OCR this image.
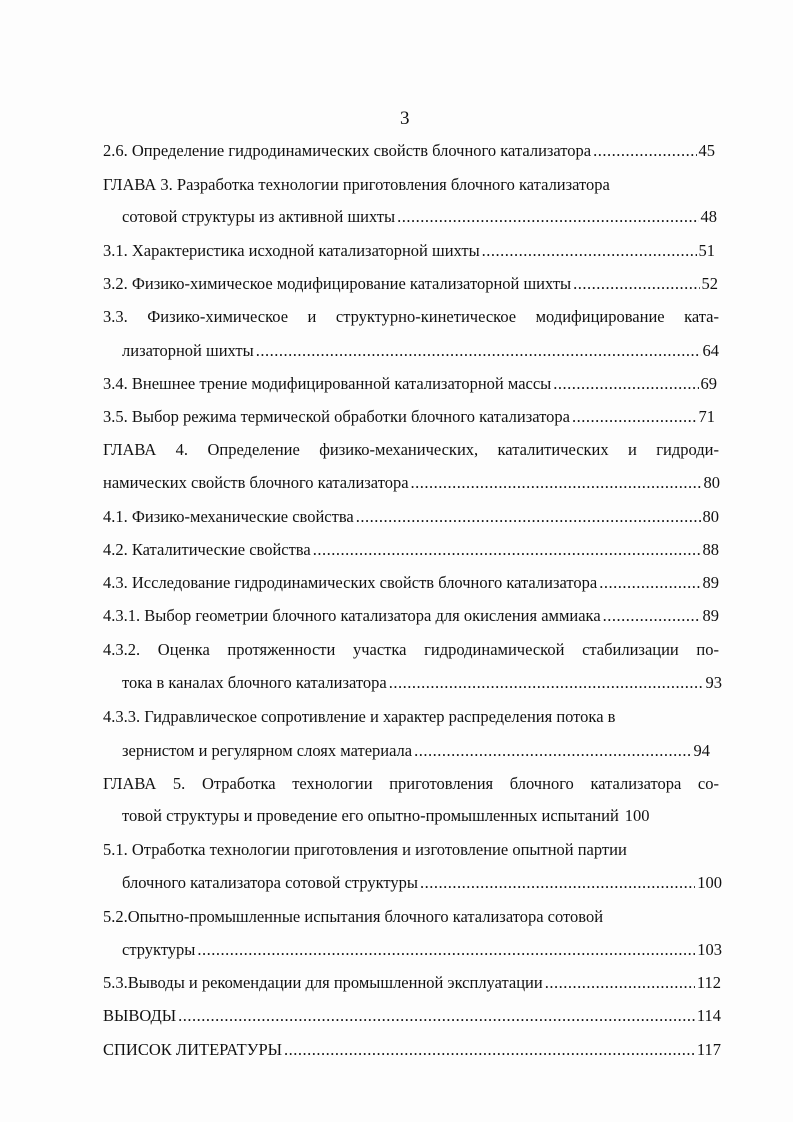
3
2.6. Определение гидродинамических свойств блочного катализатора .....	45
ГЛАВА 3. Разработка технологии приготовления блочного катализатора
сотовой структуры из активной шихты .....	48
3.1. Характеристика исходной катализаторной шихты .....	51
3.2. Физико-химическое модифицирование катализаторной шихты .....	52
3.3. Физико-химическое и структурно-кинетическое модифицирование ката-
лизаторной шихты .....	64
3.4. Внешнее трение модифицированной катализаторной массы .....	69
3.5. Выбор режима термической обработки блочного катализатора .....	71
ГЛАВА 4. Определение физико-механических, каталитических и гидроди-
намических свойств блочного катализатора .....	80
4.1. Физико-механические свойства .....	80
4.2. Каталитические свойства .....	88
4.3. Исследование гидродинамических свойств блочного катализатора .....	89
4.3.1. Выбор геометрии блочного катализатора для окисления аммиака .....	89
4.3.2. Оценка протяженности участка гидродинамической стабилизации по-
тока в каналах блочного катализатора .....	93
4.3.3. Гидравлическое сопротивление и характер распределения потока в
зернистом и регулярном слоях материала .....	94
ГЛАВА 5. Отработка технологии приготовления блочного катализатора со-
товой структуры и проведение его опытно-промышленных испытаний 100
5.1. Отработка технологии приготовления и изготовление опытной партии
блочного катализатора сотовой структуры .....	100
5.2.Опытно-промышленные испытания блочного катализатора сотовой
структуры .....	103
5.3.Выводы и рекомендации для промышленной эксплуатации .....	112
ВЫВОДЫ .....	114
СПИСОК ЛИТЕРАТУРЫ .....	117
